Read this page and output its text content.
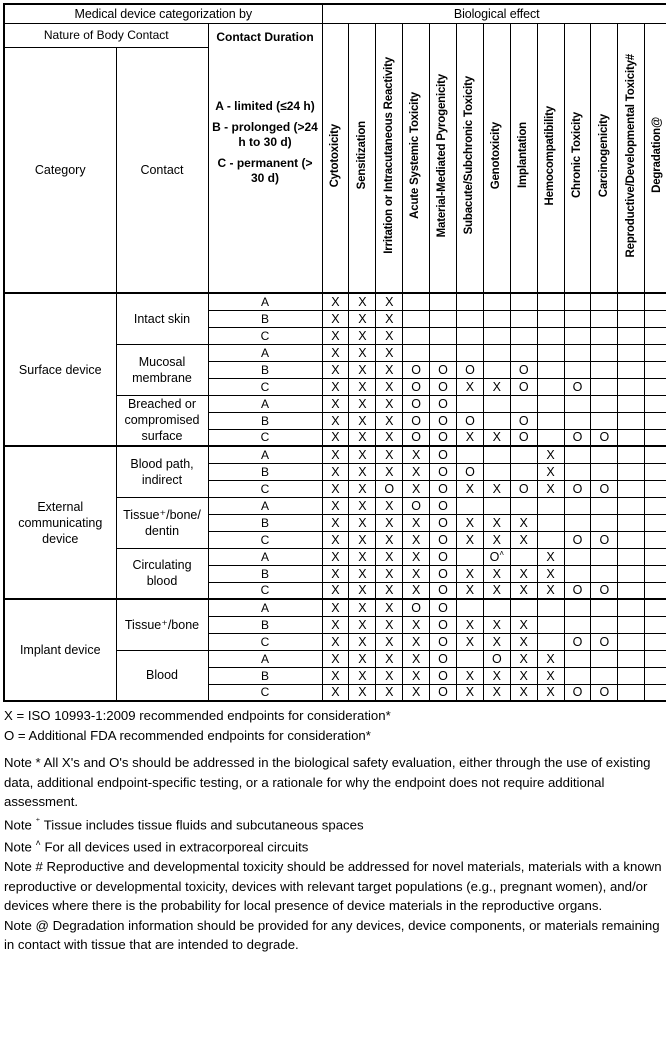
Medical device categorization by			Biological effect												
Nature of Body Contact		Contact Duration
A - limited (≤24 h)
B - prolonged (>24 h to 30 d)
C - permanent (> 30 d)	Cytotoxicity	Sensitization	Irritation or Intracutaneous Reactivity	Acute Systemic Toxicity	Material-Mediated Pyrogenicity	Subacute/Subchronic Toxicity	Genotoxicity	Implantation	Hemocompatibility	Chronic Toxicity	Carcinogenicity	Reproductive/Developmental Toxicity#	Degradation@
Category	Contact														
Surface device	Intact skin	A	X	X	X										
		B	X	X	X										
		C	X	X	X										
	Mucosal membrane	A	X	X	X										
		B	X	X	X	O	O	O		O					
		C	X	X	X	O	O	X	X	O		O			
	Breached or compromised surface	A	X	X	X	O	O								
		B	X	X	X	O	O	O		O					
		C	X	X	X	O	O	X	X	O		O	O		
External communicating device	Blood path, indirect	A	X	X	X	X	O				X				
		B	X	X	X	X	O	O			X				
		C	X	X	O	X	O	X	X	O	X	O	O		
	Tissue⁺/bone/ dentin	A	X	X	X	O	O								
		B	X	X	X	X	O	X	X	X					
		C	X	X	X	X	O	X	X	X		O	O		
	Circulating blood	A	X	X	X	X	O		O˄		X				
		B	X	X	X	X	O	X	X	X	X				
		C	X	X	X	X	O	X	X	X	X	O	O		
Implant device	Tissue⁺/bone	A	X	X	X	O	O								
		B	X	X	X	X	O	X	X	X					
		C	X	X	X	X	O	X	X	X		O	O		
	Blood	A	X	X	X	X	O		O	X	X				
		B	X	X	X	X	O	X	X	X	X				
		C	X	X	X	X	O	X	X	X	X	O	O		

X = ISO 10993-1:2009 recommended endpoints for consideration*

O = Additional FDA recommended endpoints for consideration*

Note * All X's and O's should be addressed in the biological safety evaluation, either through the use of existing data, additional endpoint-specific testing, or a rationale for why the endpoint does not require additional assessment.

Note ⁺ Tissue includes tissue fluids and subcutaneous spaces

Note ˄ For all devices used in extracorporeal circuits

Note # Reproductive and developmental toxicity should be addressed for novel materials, materials with a known reproductive or developmental toxicity, devices with relevant target populations (e.g., pregnant women), and/or devices where there is the probability for local presence of device materials in the reproductive organs.

Note @ Degradation information should be provided for any devices, device components, or materials remaining in contact with tissue that are intended to degrade.
